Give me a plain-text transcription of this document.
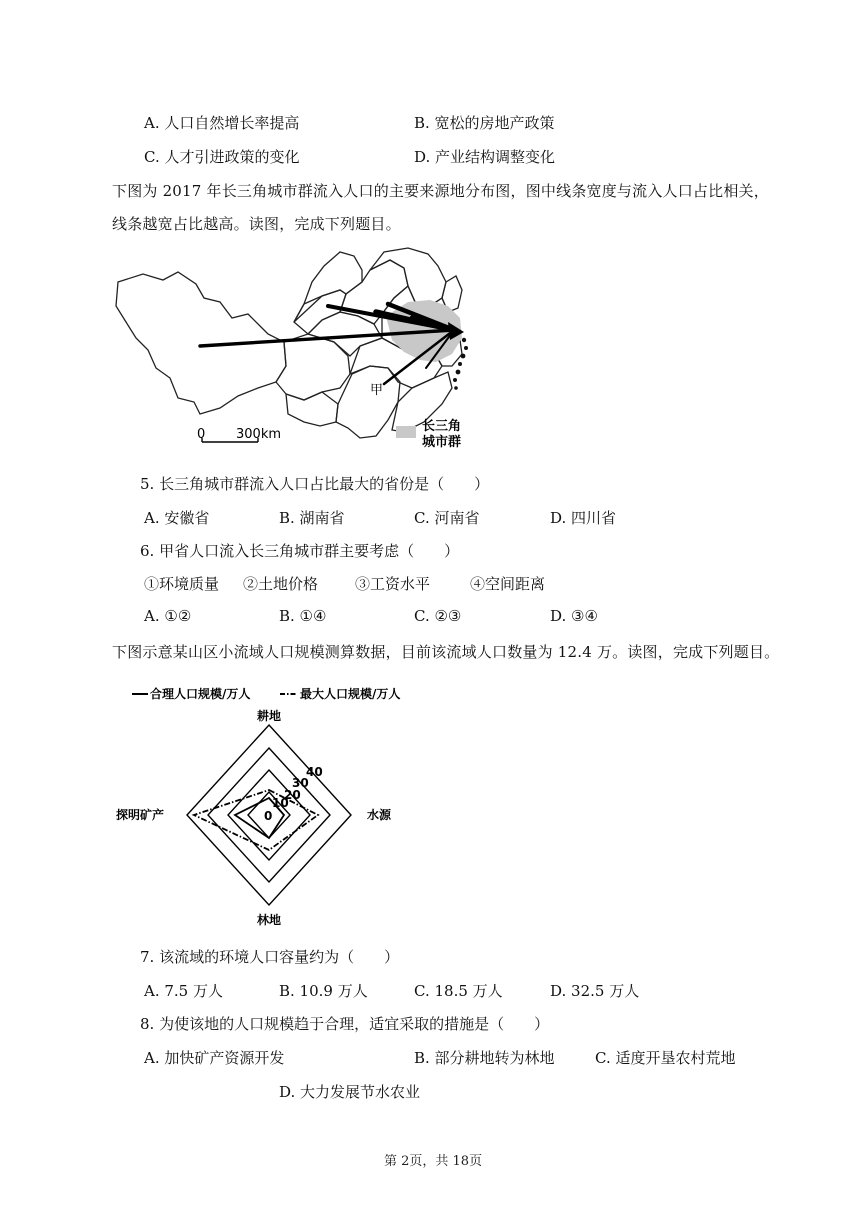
A. 人口自然增长率提高	B. 宽松的房地产政策
C. 人才引进政策的变化	D. 产业结构调整变化
下图为 2017 年长三角城市群流入人口的主要来源地分布图，图中线条宽度与流入人口占比相关，
线条越宽占比越高。读图，完成下列题目。
甲
0 300km
长三角
城市群
5. 长三角城市群流入人口占比最大的省份是（　　）
A. 安徽省	B. 湖南省	C. 河南省	D. 四川省
6. 甲省人口流入长三角城市群主要考虑（　　）
①环境质量 ②土地价格 ③工资水平	④空间距离
A. ①②	B. ①④	C. ②③	D. ③④
下图示意某山区小流域人口规模测算数据，目前该流域人口数量为 12.4 万。读图，完成下列题目。
合理人口规模/万人	最大人口规模/万人
耕地
水源
林地
探明矿产	0
10
20
30
40
7. 该流域的环境人口容量约为（　　）
A. 7.5 万人	B. 10.9 万人	C. 18.5 万人	D. 32.5 万人
8. 为使该地的人口规模趋于合理，适宜采取的措施是（　　）
A. 加快矿产资源开发	B. 部分耕地转为林地	C. 适度开垦农村荒地
D. 大力发展节水农业
第 2页，共 18页
